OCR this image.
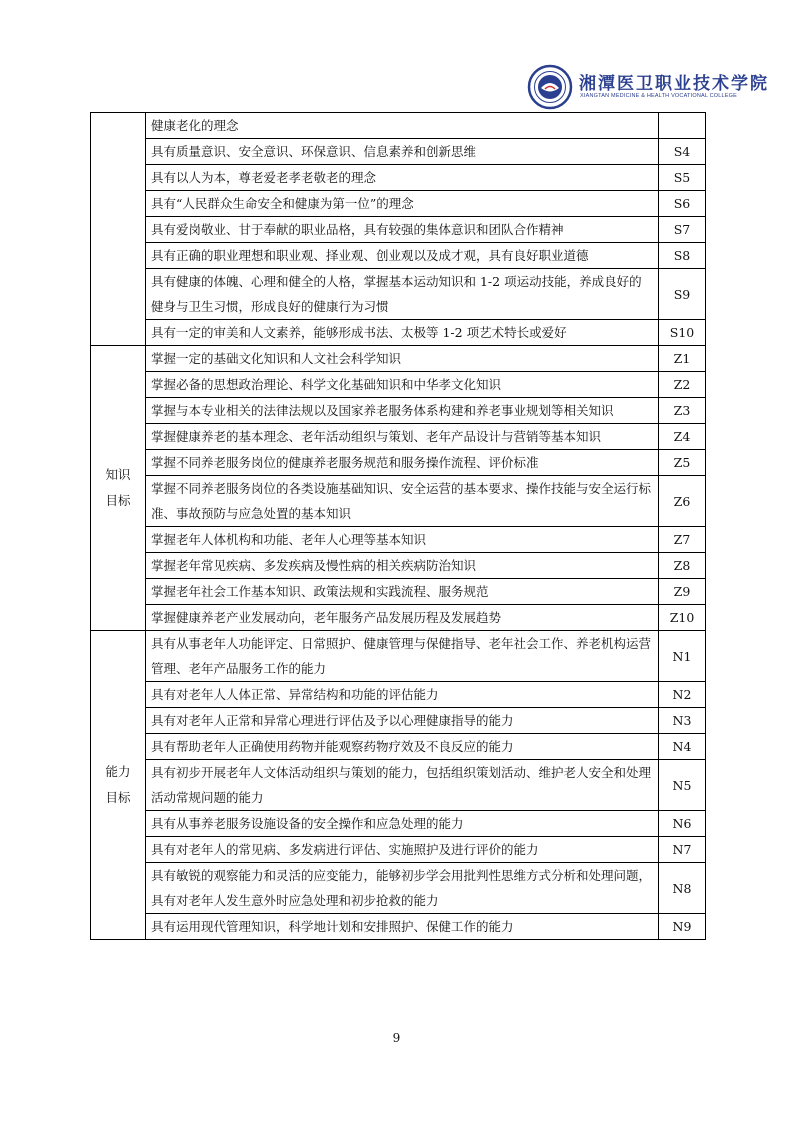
湘潭医卫职业技术学院
XIANGTAN MEDICINE & HEALTH VOCATIONAL COLLEGE

	健康老化的理念	

	具有质量意识、安全意识、环保意识、信息素养和创新思维	S4

	具有以人为本，尊老爱老孝老敬老的理念	S5

	具有“人民群众生命安全和健康为第一位”的理念	S6

	具有爱岗敬业、甘于奉献的职业品格，具有较强的集体意识和团队合作精神	S7

	具有正确的职业理想和职业观、择业观、创业观以及成才观，具有良好职业道德	S8

	具有健康的体魄、心理和健全的人格，掌握基本运动知识和 1-2 项运动技能，养成良好的健身与卫生习惯，形成良好的健康行为习惯	S9

	具有一定的审美和人文素养，能够形成书法、太极等 1-2 项艺术特长或爱好	S10

知识
目标	掌握一定的基础文化知识和人文社会科学知识	Z1

	掌握必备的思想政治理论、科学文化基础知识和中华孝文化知识	Z2

	掌握与本专业相关的法律法规以及国家养老服务体系构建和养老事业规划等相关知识	Z3

	掌握健康养老的基本理念、老年活动组织与策划、老年产品设计与营销等基本知识	Z4

	掌握不同养老服务岗位的健康养老服务规范和服务操作流程、评价标准	Z5

	掌握不同养老服务岗位的各类设施基础知识、安全运营的基本要求、操作技能与安全运行标准、事故预防与应急处置的基本知识	Z6

	掌握老年人体机构和功能、老年人心理等基本知识	Z7

	掌握老年常见疾病、多发疾病及慢性病的相关疾病防治知识	Z8

	掌握老年社会工作基本知识、政策法规和实践流程、服务规范	Z9

	掌握健康养老产业发展动向，老年服务产品发展历程及发展趋势	Z10

能力
目标	具有从事老年人功能评定、日常照护、健康管理与保健指导、老年社会工作、养老机构运营管理、老年产品服务工作的能力	N1

	具有对老年人人体正常、异常结构和功能的评估能力	N2

	具有对老年人正常和异常心理进行评估及予以心理健康指导的能力	N3

	具有帮助老年人正确使用药物并能观察药物疗效及不良反应的能力	N4

	具有初步开展老年人文体活动组织与策划的能力，包括组织策划活动、维护老人安全和处理活动常规问题的能力	N5

	具有从事养老服务设施设备的安全操作和应急处理的能力	N6

	具有对老年人的常见病、多发病进行评估、实施照护及进行评价的能力	N7

	具有敏锐的观察能力和灵活的应变能力，能够初步学会用批判性思维方式分析和处理问题，具有对老年人发生意外时应急处理和初步抢救的能力	N8

	具有运用现代管理知识，科学地计划和安排照护、保健工作的能力	N9
9
